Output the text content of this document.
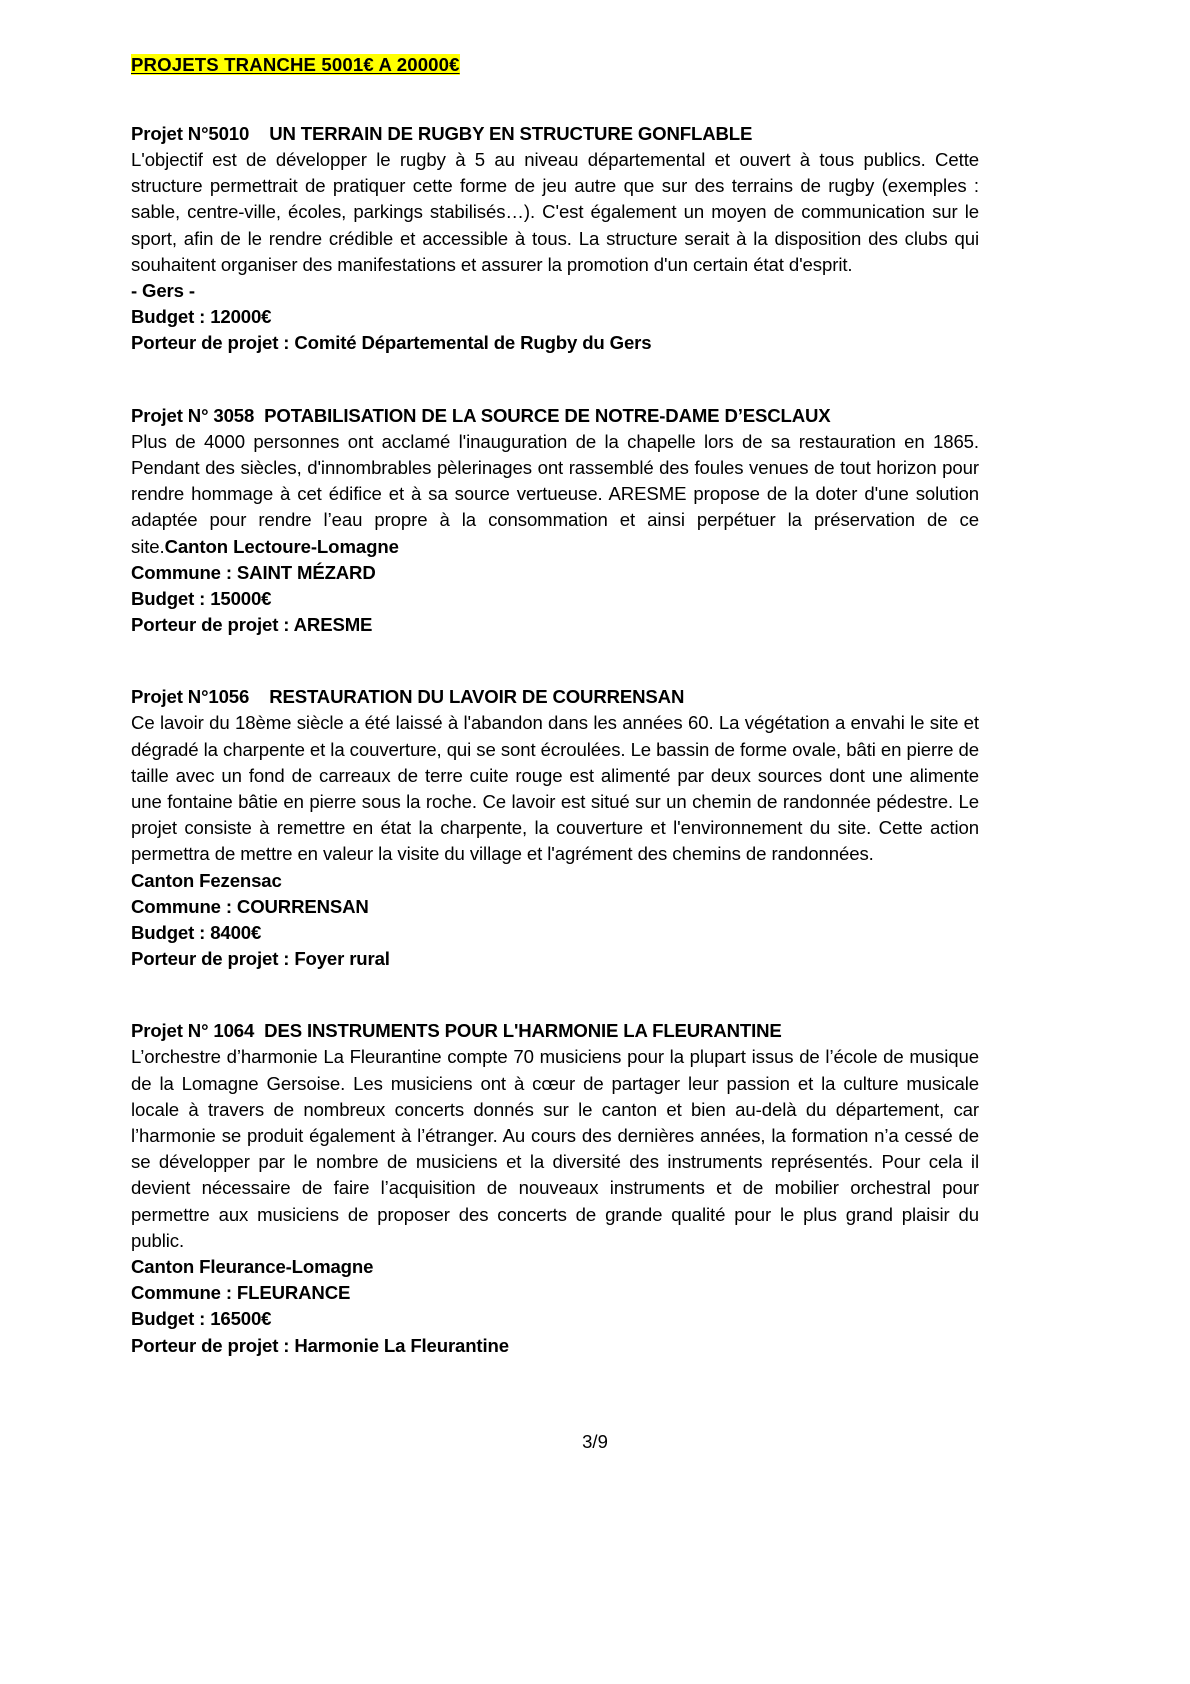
PROJETS TRANCHE 5001€ A 20000€
Projet N°5010    UN TERRAIN DE RUGBY EN STRUCTURE GONFLABLE
L'objectif est de développer le rugby à 5 au niveau départemental et ouvert à tous publics. Cette structure permettrait de pratiquer cette forme de jeu autre que sur des terrains de rugby (exemples : sable, centre-ville, écoles, parkings stabilisés…). C'est également un moyen de communication sur le sport, afin de le rendre crédible et accessible à tous. La structure serait à la disposition des clubs qui souhaitent organiser des manifestations et assurer la promotion d'un certain état d'esprit.
- Gers -
Budget : 12000€
Porteur de projet : Comité Départemental de Rugby du Gers
Projet N° 3058  POTABILISATION DE LA SOURCE DE NOTRE-DAME D’ESCLAUX
Plus de 4000 personnes ont acclamé l'inauguration de la chapelle lors de sa restauration en 1865. Pendant des siècles, d'innombrables pèlerinages ont rassemblé des foules venues de tout horizon pour rendre hommage à cet édifice et à sa source vertueuse. ARESME propose de la doter d'une solution adaptée pour rendre l’eau propre à la consommation et ainsi perpétuer la préservation de ce site.Canton Lectoure-Lomagne
Commune : SAINT MÉZARD
Budget : 15000€
Porteur de projet : ARESME
Projet N°1056    RESTAURATION DU LAVOIR DE COURRENSAN
Ce lavoir du 18ème siècle a été laissé à l'abandon dans les années 60. La végétation a envahi le site et dégradé la charpente et la couverture, qui se sont écroulées. Le bassin de forme ovale, bâti en pierre de taille avec un fond de carreaux de terre cuite rouge est alimenté par deux sources dont une alimente une fontaine bâtie en pierre sous la roche. Ce lavoir est situé sur un chemin de randonnée pédestre. Le projet consiste à remettre en état la charpente, la couverture et l'environnement du site. Cette action permettra de mettre en valeur la visite du village et l'agrément des chemins de randonnées.
Canton Fezensac
Commune : COURRENSAN
Budget : 8400€
Porteur de projet : Foyer rural
Projet N° 1064  DES INSTRUMENTS POUR L'HARMONIE LA FLEURANTINE
L’orchestre d’harmonie La Fleurantine compte 70 musiciens pour la plupart issus de l’école de musique de la Lomagne Gersoise. Les musiciens ont à cœur de partager leur passion et la culture musicale locale à travers de nombreux concerts donnés sur le canton et bien au-delà du département, car l’harmonie se produit également à l’étranger. Au cours des dernières années, la formation n’a cessé de se développer par le nombre de musiciens et la diversité des instruments représentés. Pour cela il devient nécessaire de faire l’acquisition de nouveaux instruments et de mobilier orchestral pour permettre aux musiciens de proposer des concerts de grande qualité pour le plus grand plaisir du public.
Canton Fleurance-Lomagne
Commune : FLEURANCE
Budget : 16500€
Porteur de projet : Harmonie La Fleurantine
3/9
